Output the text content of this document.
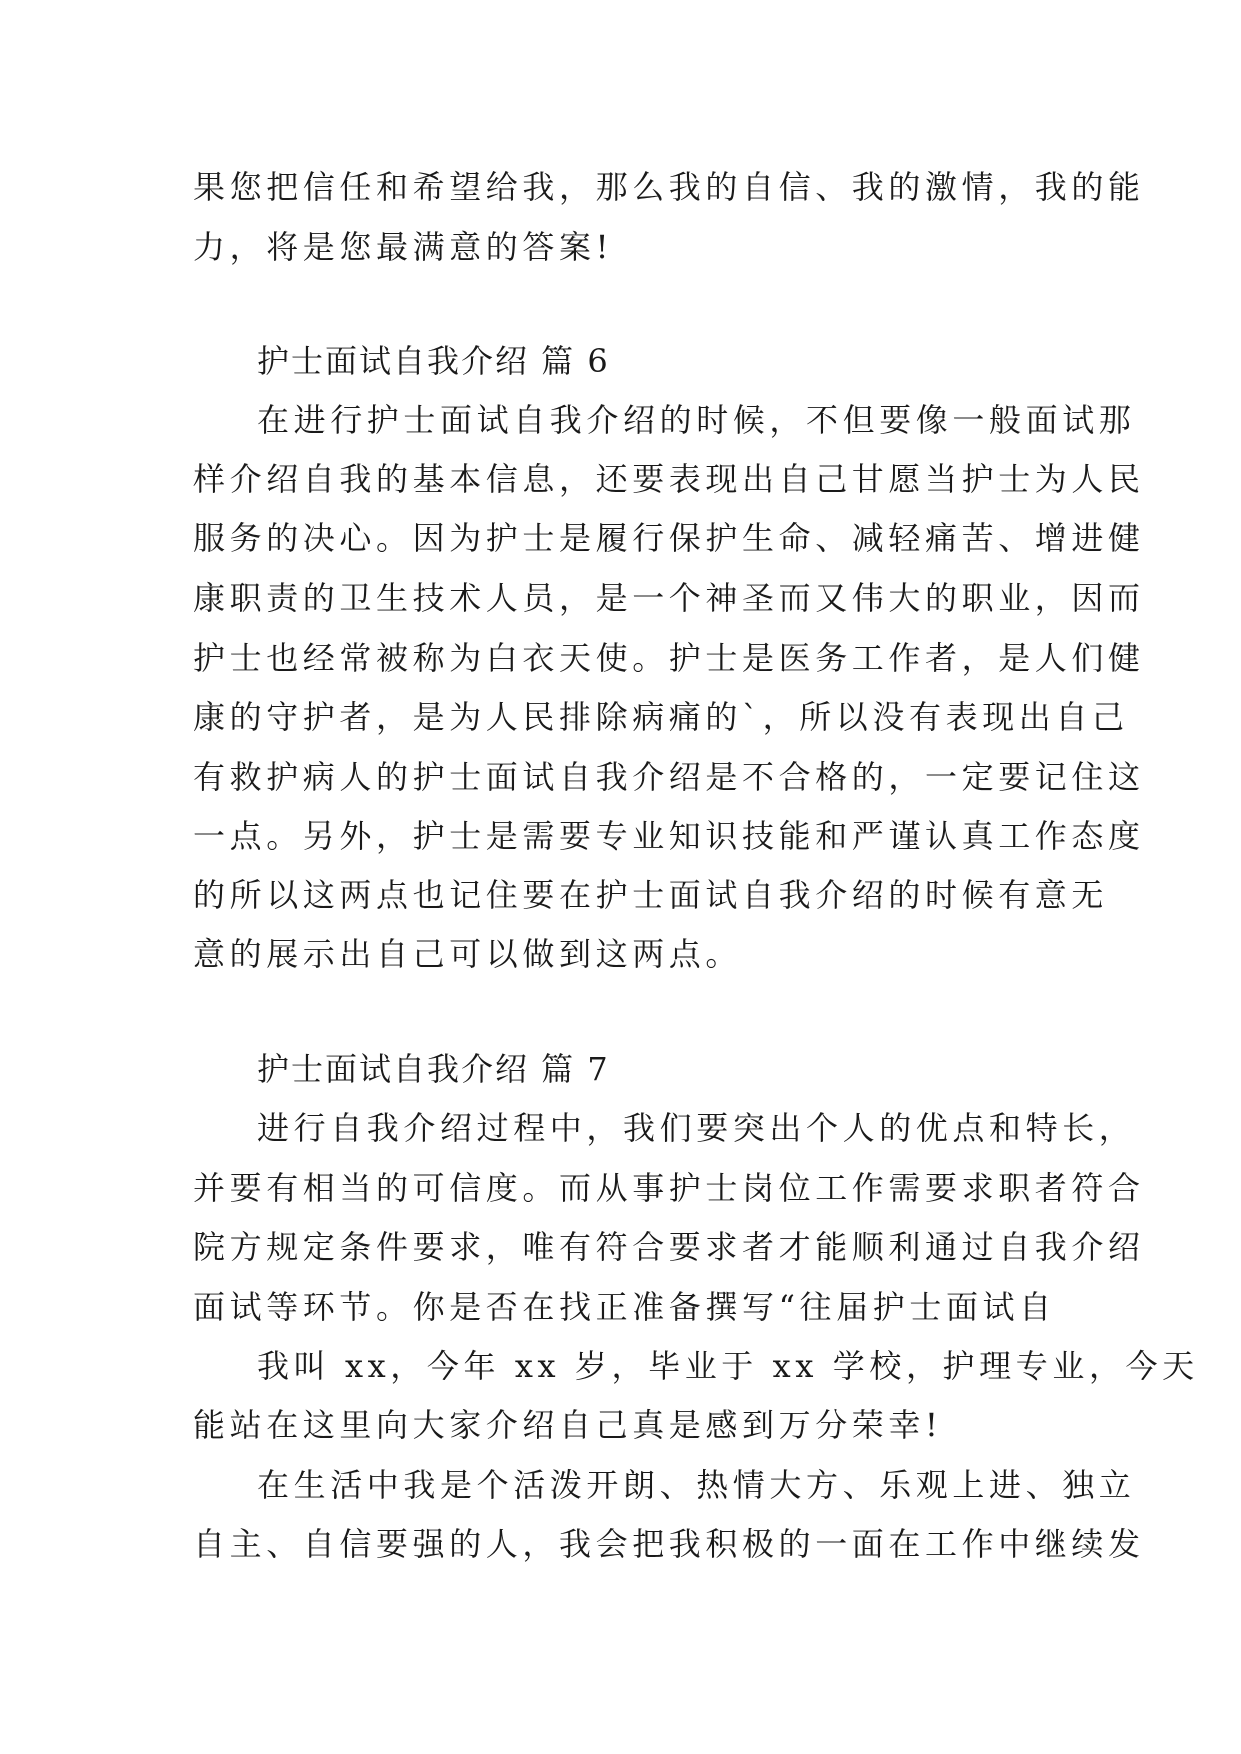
果您把信任和希望给我，那么我的自信、我的激情，我的能
力，将是您最满意的答案!
护士面试自我介绍 篇 6
在进行护士面试自我介绍的时候，不但要像一般面试那
样介绍自我的基本信息，还要表现出自己甘愿当护士为人民
服务的决心。因为护士是履行保护生命、减轻痛苦、增进健
康职责的卫生技术人员，是一个神圣而又伟大的职业，因而
护士也经常被称为白衣天使。护士是医务工作者，是人们健
康的守护者，是为人民排除病痛的`，所以没有表现出自己
有救护病人的护士面试自我介绍是不合格的，一定要记住这
一点。另外，护士是需要专业知识技能和严谨认真工作态度
的所以这两点也记住要在护士面试自我介绍的时候有意无
意的展示出自己可以做到这两点。
护士面试自我介绍 篇 7
进行自我介绍过程中，我们要突出个人的优点和特长，
并要有相当的可信度。而从事护士岗位工作需要求职者符合
院方规定条件要求，唯有符合要求者才能顺利通过自我介绍
面试等环节。你是否在找正准备撰写“往届护士面试自
我叫 xx，今年 xx 岁，毕业于 xx 学校，护理专业，今天
能站在这里向大家介绍自己真是感到万分荣幸!
在生活中我是个活泼开朗、热情大方、乐观上进、独立
自主、自信要强的人，我会把我积极的一面在工作中继续发
